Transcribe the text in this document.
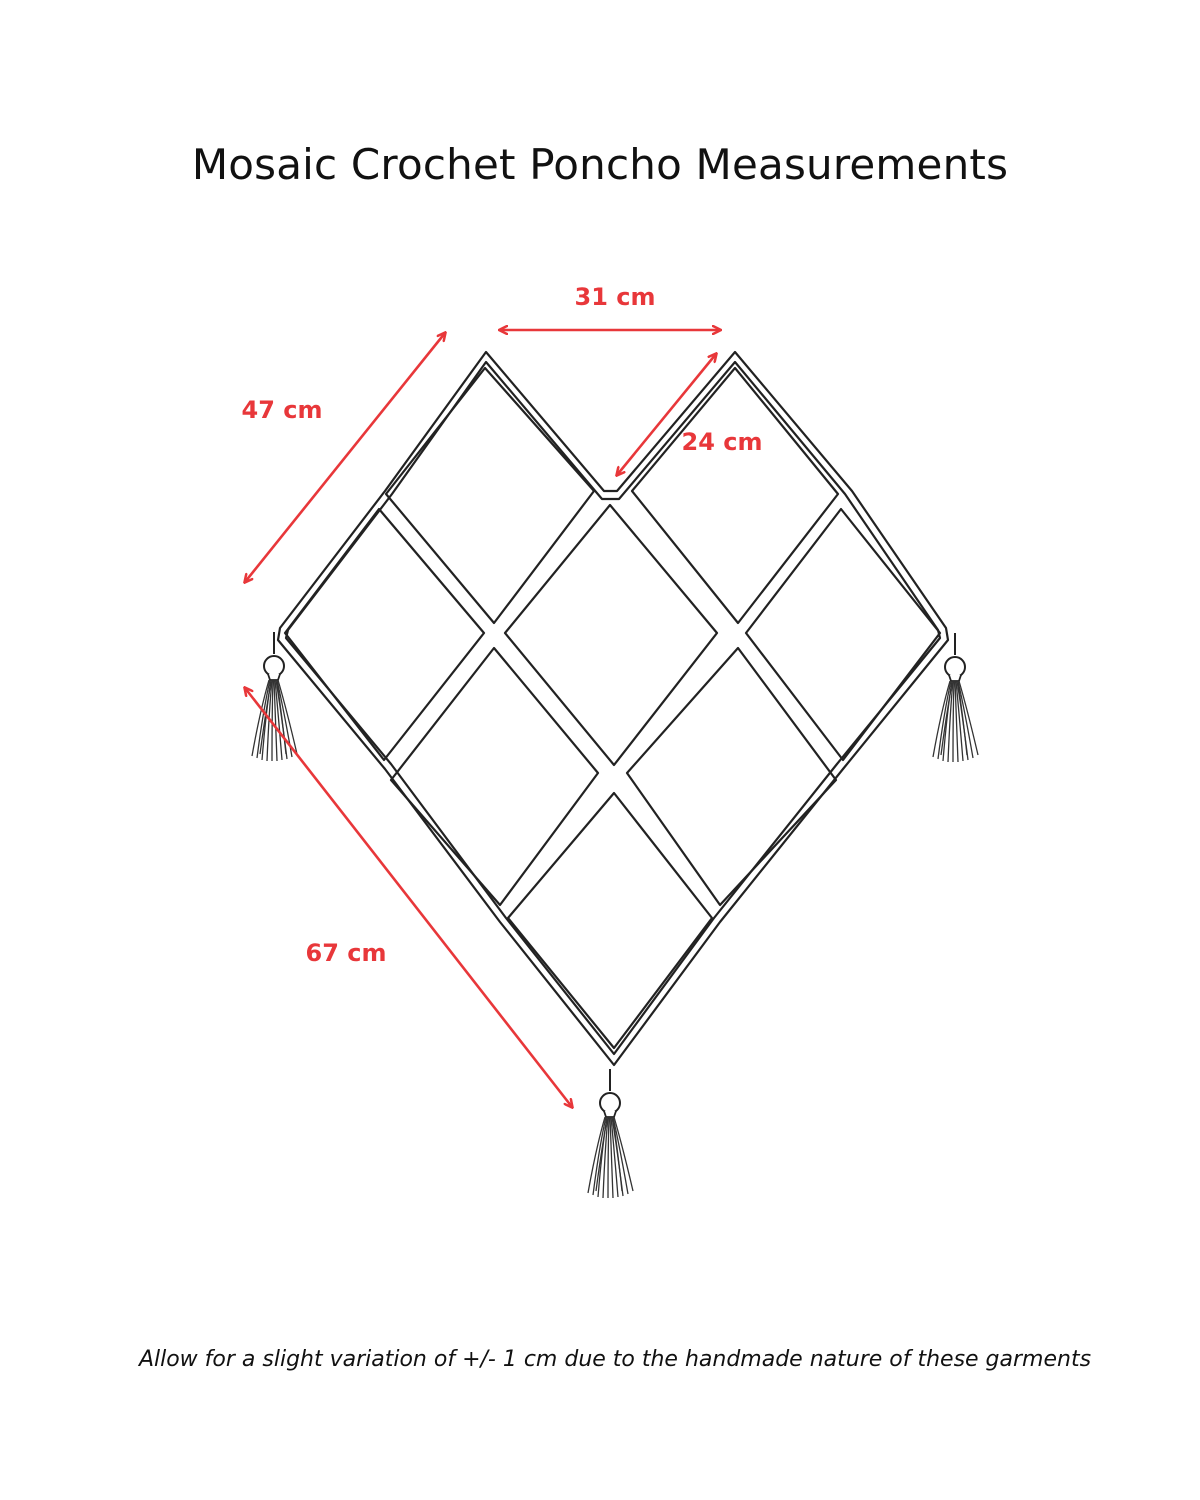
Mosaic Crochet Poncho Measurements
31 cm
47 cm
24 cm
67 cm
Allow for a slight variation of +/- 1 cm due to the handmade nature of these garments
